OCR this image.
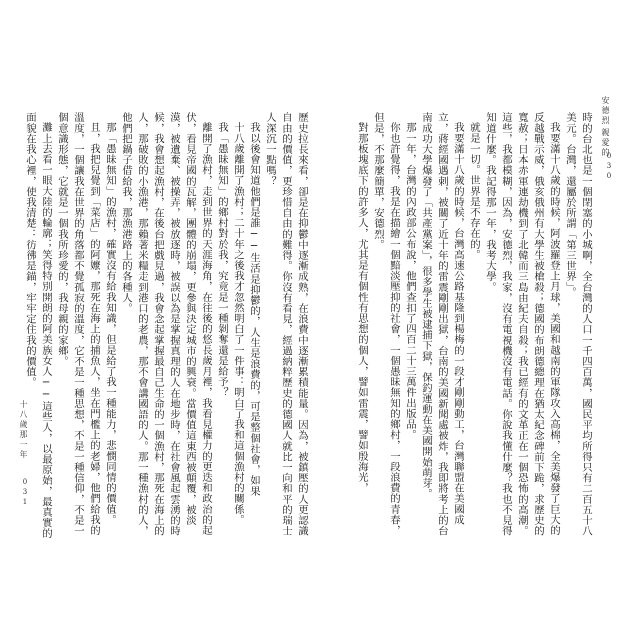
時的台北也是一個閉塞的小城啊，全台灣的人口一千四百萬，國民平均所得只有二百五十八美元。台灣，還屬於所謂「第三世界」。

我要滿十八歲的時候，阿波羅登上月球，美國和越南的軍隊攻入高棉，全美爆發了巨大的反越戰示威，俄亥俄州有大學生被槍殺；德國的布朗德總理在猶太紀念碑前下跪，求歷史的寬赦；日本赤軍連劫機到了北韓而三島由紀夫自殺；我已經有的文革正在一個恐怖的高潮。這些，我都模糊，因為，安德烈，我家，沒有電視機沒有電話。你說我懂什麼？我也不見得知道什麼。我記得那一年，我考大學。

就是一切。世界是不存在的。

我要滿十八歲的時候，台灣高速公路基隆到楊梅的一段才剛剛動工，台灣聯盟在美國成立，蔣經國遇刺，被關了近十年的雷震剛剛出獄，台南的美國新聞處被炸，我即將考上的台南成功大學爆發了「共產黨案」，很多學生被逮捕下獄，保釣運動在美國開始萌芽。

那一年，台灣的內政部公布說，他們查扣了四百二十三萬件出版品。

你也許覺得，我是在描繪一個黯淡壓抑的社會，一個愚昧無知的鄉村，一段浪費的青春，但是，不那麼簡單，安德烈。

對那板塊底下的許多人，尤其是有個性有思想的個人，譬如雷震，譬如殷海光，	親愛的
安德烈
030

歷史拉長來看，卻是在抑鬱中逐漸成熟，在浪費中逐漸累積能量。因為，被鎮壓的人更認識自由的價值，更珍惜自由的難得。你沒有看見，經過納粹歷史的德國人就比一向和平的瑞士人深沉一點嗎？

我以後會知道他們是誰──生活是抑鬱的，人生是浪費的，可是整個社會，如果

十八歲離開了漁村；二十年之後我才忽然明白了一件事：明白了我和這個漁村的關係。

我「愚昧無知」的鄉村對於我，究竟是一種剝奪還是給予？

離開了漁村，走到世界的天涯海角，在往後的悠長歲月裡，我看見權力的更迭和政治的起伏，看見帝國的瓦解，團體的崩塌，更參與決定城市的興衰。當價值這東西被顛覆，被淡漠，被遺棄、被操弄，被放逐時，被誤以為是掌握真理的人在地步時，在社會風起雲湧的時候，我會想起漁村，在後台把戲見過，我會念起掌握最自己生命的一個漁村，那死在海上的人，那破敗的小漁港，那賴著米糧走到港口的老農，那不會講國語的人。那一種漁村的人，他們把鍋子借給我，那漁港路上的各種人。

那「愚昧無知」的漁村，確實沒有給我知識，但是給了我一種能力，悲憫同情的價值。

且，我把兒覺到「菜店」的阿嬤，那死在海上的捕魚人，坐在門檻上的老婦，他們給我的溫度，一個讓我在世界的角落都不覺孤寂的溫度，它不是一種思想，不是一種信仰，不是一個意識形態，它就是一個我所珍愛的，我母親的家鄉。

灘上去看一眼大陸的輪廓；笑得特別開朗的阿美族女人──這些人，以最原始，最真實的面貌在我心裡，使我清楚：彷彿是錨，牢牢定住我的價值。

十八歲那一年
031
